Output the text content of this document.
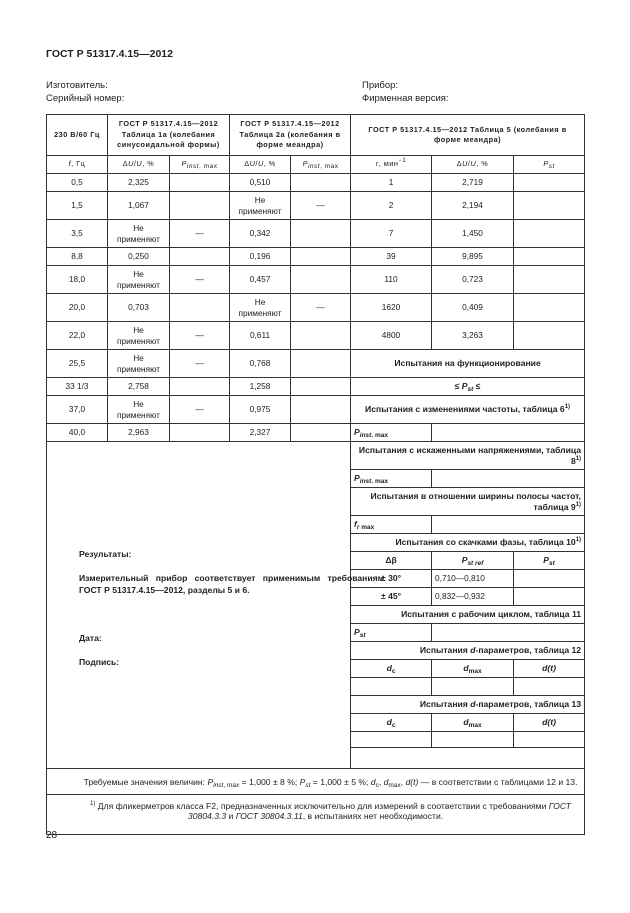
ГОСТ Р 51317.4.15—2012
Изготовитель:
Серийный номер:
Прибор:
Фирменная версия:
230 В/60 Гц	ГОСТ Р 51317.4.15—2012 Таблица 1а (колебания синусоидальной формы)		ГОСТ Р 51317.4.15—2012 Таблица 2а (колебания в форме меандра)		ГОСТ Р 51317.4.15—2012 Таблица 5 (колебания в форме меандра)		
f, Гц	ΔU/U, %	$P_{inst, max}$	ΔU/U, %	$P_{inst, max}$	r, мин$^{-1}$	ΔU/U, %	$P_{st}$
0,5	2,325		0,510		1	2,719	
1,5	1,067		Не применяют	—	2	2,194	
3,5	Не применяют	—	0,342		7	1,450	
8,8	0,250		0,196		39	9,895	
18,0	Не применяют	—	0,457		110	0,723	
20,0	0,703		Не применяют	—	1620	0,409	
22,0	Не применяют	—	0,611		4800	3,263	
25,5	Не применяют	—	0,768		Испытания на функционирование		
33 1/3	2,758		1,258		≤ $P_{st}$ ≤		
37,0	Не применяют	—	0,975		Испытания с изменениями частоты, таблица 6$^{1)}$
40,0	2,963		2,327		$P_{inst. max}$	

Результаты:
Измерительный прибор соответствует применимым требованиям ГОСТ Р 51317.4.15—2012, разделы 5 и 6.
Дата:
Подпись:					Испытания с искаженными напряжениями, таблица 8$^{1)}$
					$P_{inst. max}$	
					Испытания в отношении ширины полосы частот, таблица 9$^{1)}$
					$f_{r max}$	
					Испытания со скачками фазы, таблица 10$^{1)}$
					Δβ	$P_{st ref}$	$P_{st}$
					± 30°	0,710—0,810	
					± 45°	0,832—0,932	
					Испытания с рабочим циклом, таблица 11		
					$P_{st}$	
					Испытания d-параметров, таблица 12		
					$d_c$	$d_{max}$	d(t)

					Испытания d-параметров, таблица 13		
					$d_c$	$d_{max}$	d(t)

Требуемые значения величин: $P_{inst, max} = 1,000 \pm 8$ %; $P_{st} = 1,000 \pm 5$ %; $d_c$, $d_{max}$, d(t) — в соответствии с таблицами 12 и 13.							
$^{1)}$ Для фликерметров класса F2, предназначенных исключительно для измерений в соответствии с требованиями ГОСТ 30804.3.3 и ГОСТ 30804.3.11, в испытаниях нет необходимости.							
28
